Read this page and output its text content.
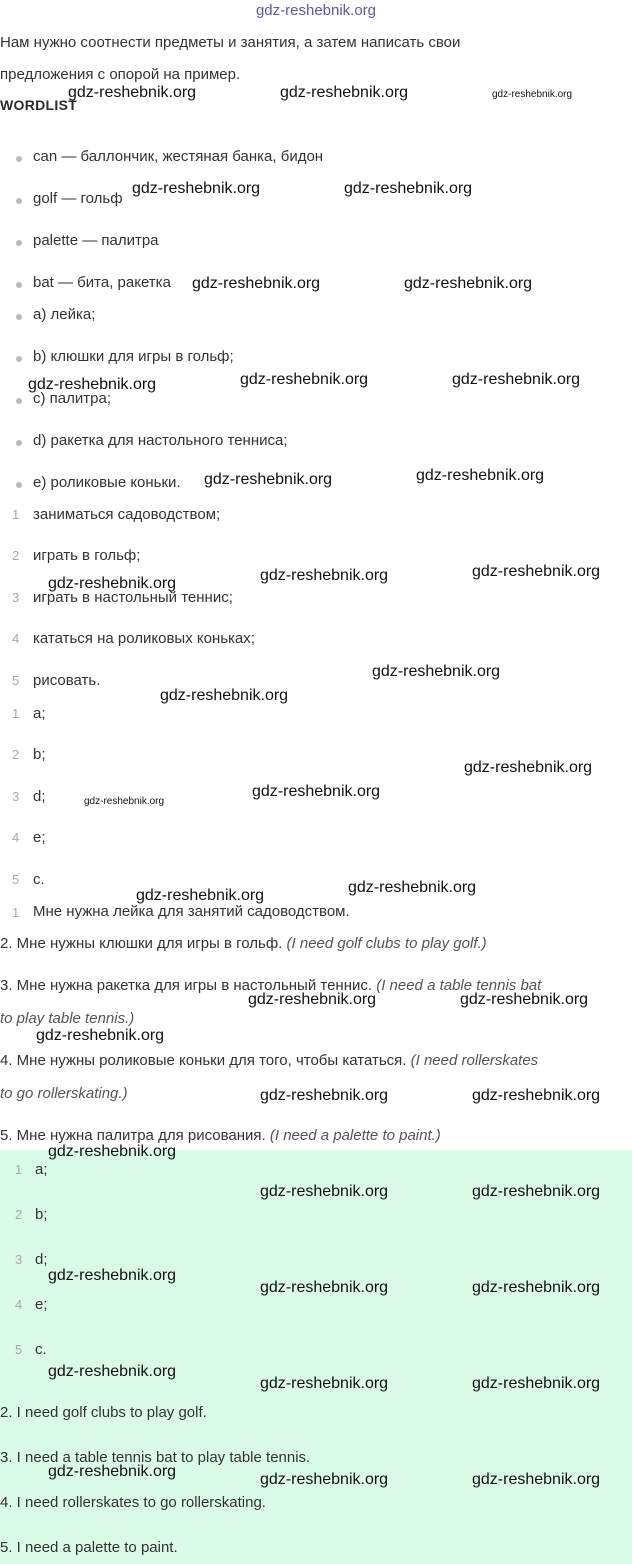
gdz-reshebnik.org
Нам нужно соотнести предметы и занятия, а затем написать свои
предложения с опорой на пример.
WORDLIST
can — баллончик, жестяная банка, бидон
golf — гольф
palette — палитра
bat — бита, ракетка
a) лейка;
b) клюшки для игры в гольф;
c) палитра;
d) ракетка для настольного тенниса;
e) роликовые коньки.
1 заниматься садоводством;
2 играть в гольф;
3 играть в настольный теннис;
4 кататься на роликовых коньках;
5 рисовать.
1 a;
2 b;
3 d;
4 e;
5 c.
1 Мне нужна лейка для занятий садоводством.
2. Мне нужны клюшки для игры в гольф. (I need golf clubs to play golf.)
3. Мне нужна ракетка для игры в настольный теннис. (I need a table tennis bat
to play table tennis.)
4. Мне нужны роликовые коньки для того, чтобы кататься. (I need rollerskates
to go rollerskating.)
5. Мне нужна палитра для рисования. (I need a palette to paint.)
1 a;
2 b;
3 d;
4 e;
5 c.
2. I need golf clubs to play golf.
3. I need a table tennis bat to play table tennis.
4. I need rollerskates to go rollerskating.
5. I need a palette to paint.
gdz-reshebnik.org	gdz-reshebnik.org	gdz-reshebnik.org
gdz-reshebnik.org	gdz-reshebnik.org
gdz-reshebnik.org	gdz-reshebnik.org
gdz-reshebnik.org	gdz-reshebnik.org	gdz-reshebnik.org
gdz-reshebnik.org	gdz-reshebnik.org
gdz-reshebnik.org	gdz-reshebnik.org	gdz-reshebnik.org
gdz-reshebnik.org
gdz-reshebnik.org
gdz-reshebnik.org
gdz-reshebnik.org
gdz-reshebnik.org
gdz-reshebnik.org
gdz-reshebnik.org
gdz-reshebnik.org	gdz-reshebnik.org
gdz-reshebnik.org
gdz-reshebnik.org	gdz-reshebnik.org
gdz-reshebnik.org
gdz-reshebnik.org	gdz-reshebnik.org
gdz-reshebnik.org
gdz-reshebnik.org	gdz-reshebnik.org
gdz-reshebnik.org
gdz-reshebnik.org	gdz-reshebnik.org
gdz-reshebnik.org	gdz-reshebnik.org	gdz-reshebnik.org
